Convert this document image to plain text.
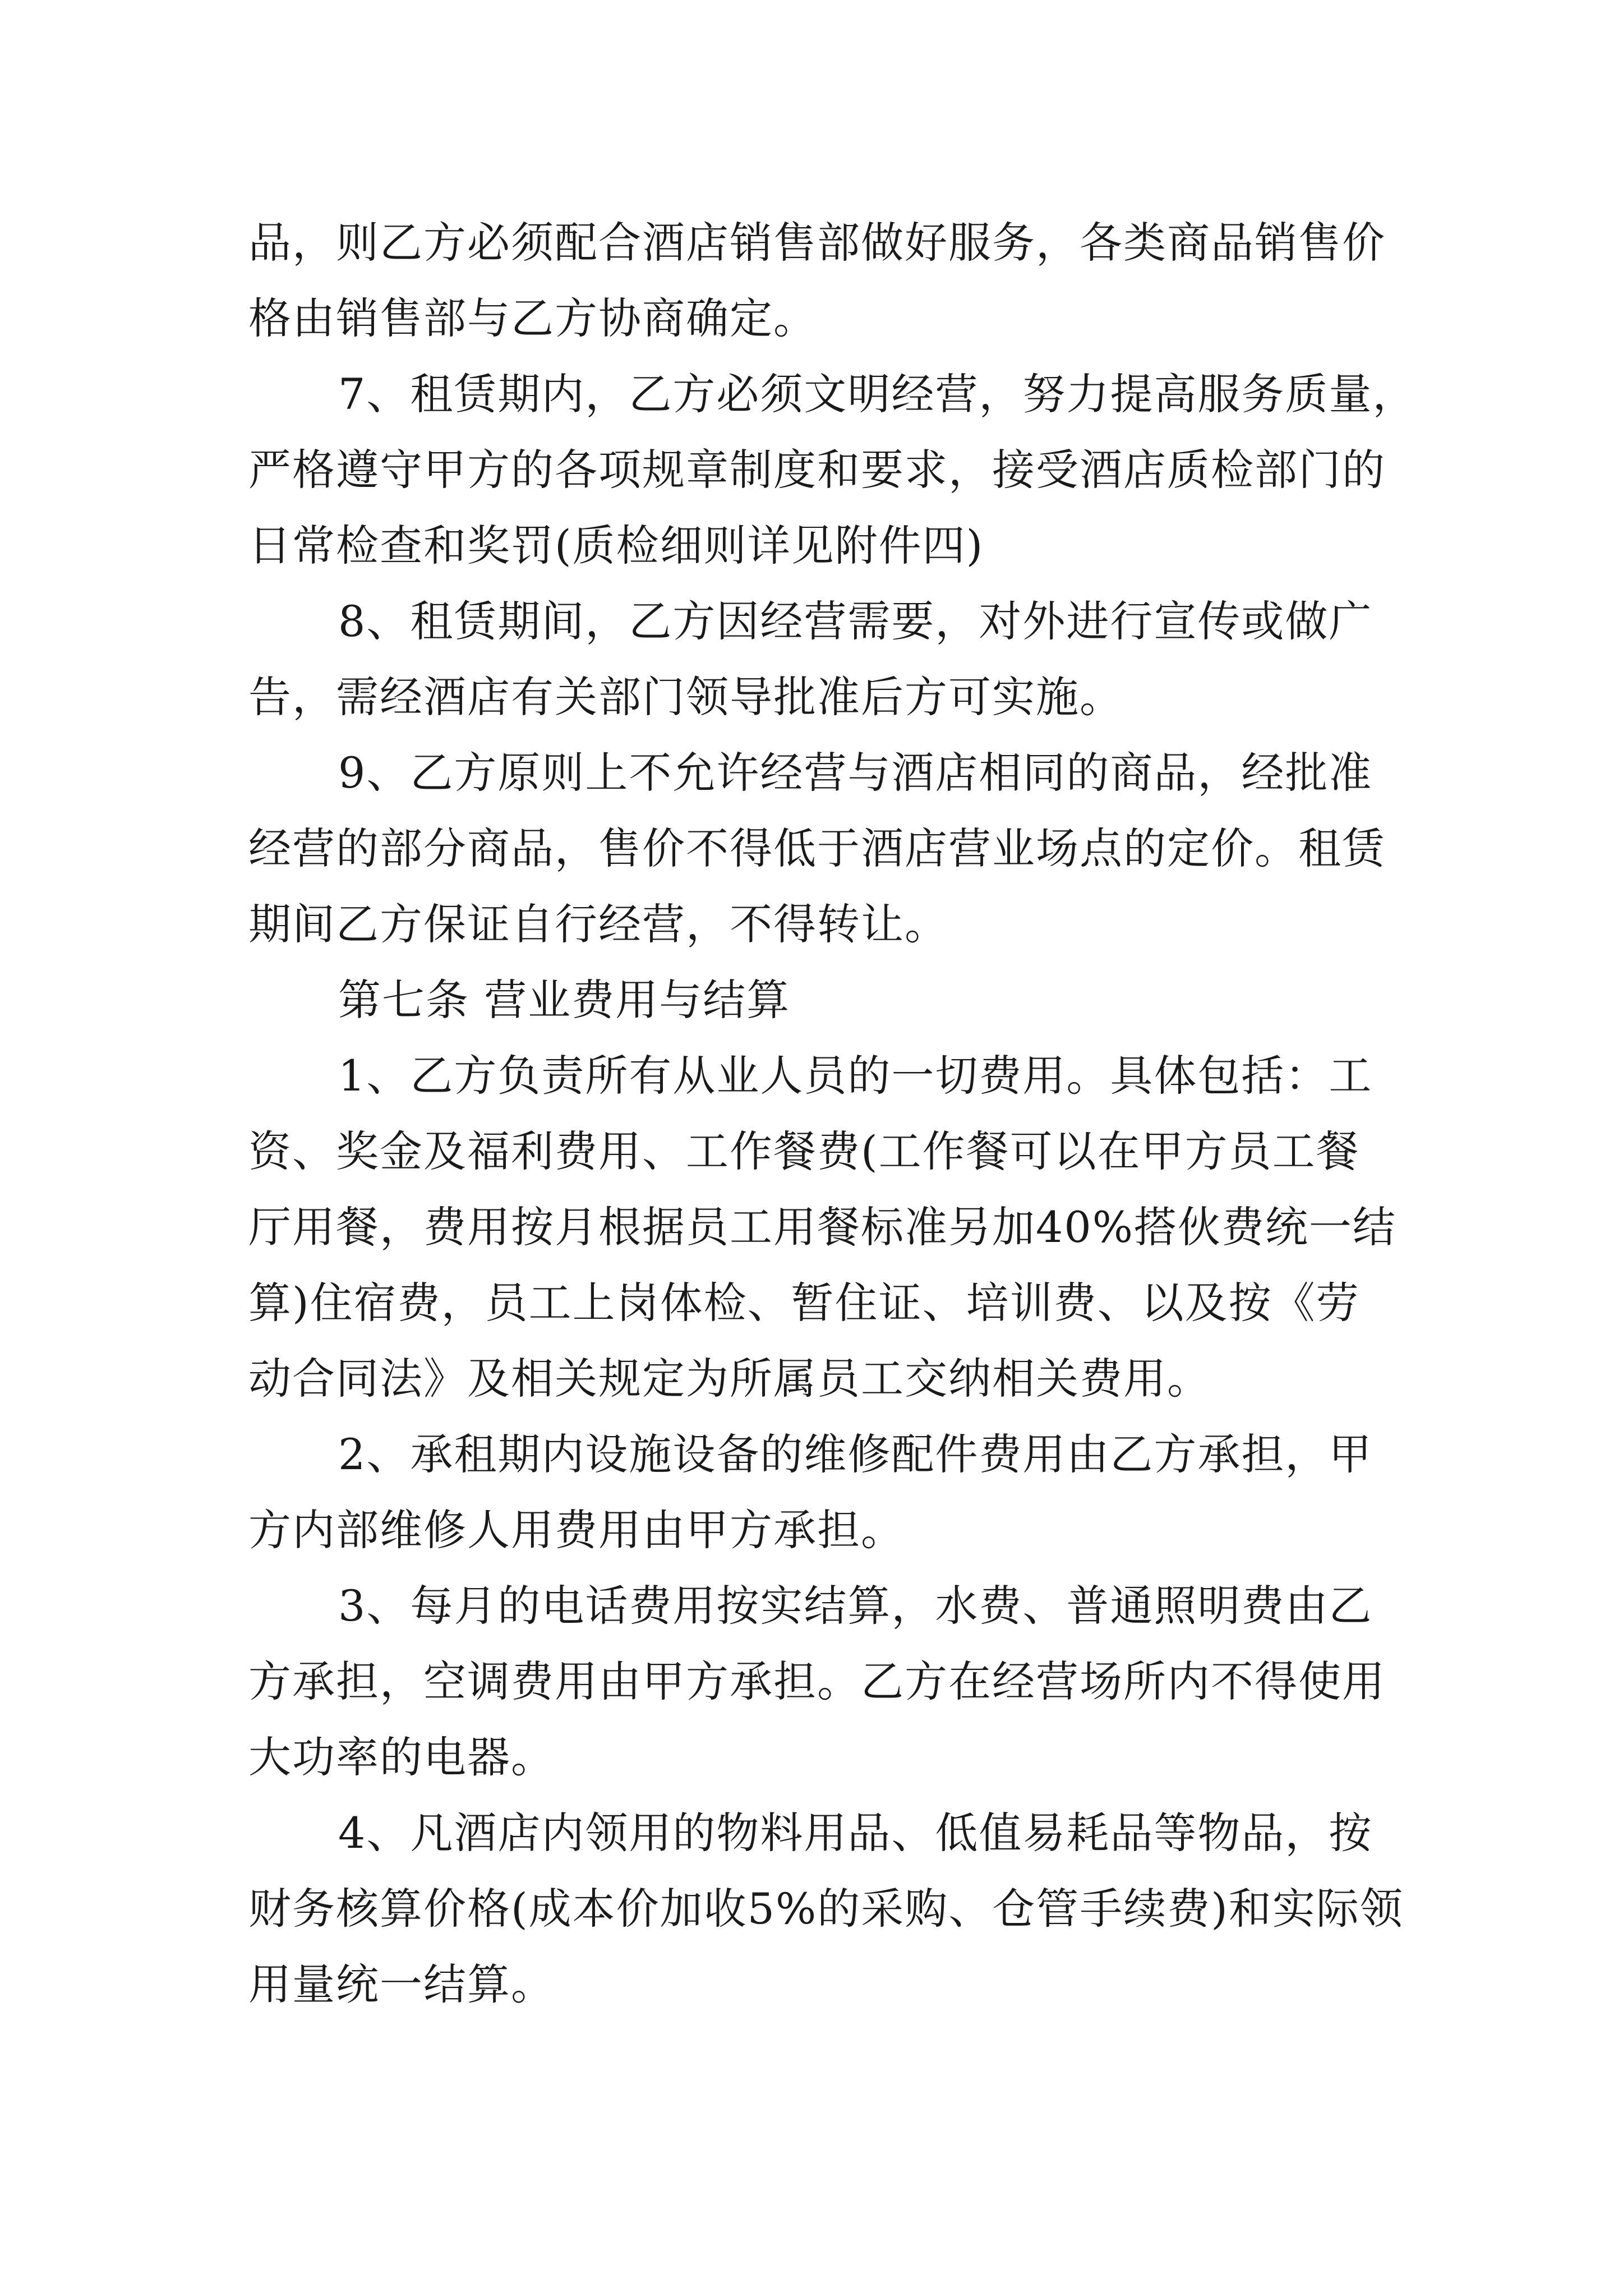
品，则乙方必须配合酒店销售部做好服务，各类商品销售价
格由销售部与乙方协商确定。
7、租赁期内，乙方必须文明经营，努力提高服务质量，
严格遵守甲方的各项规章制度和要求，接受酒店质检部门的
日常检查和奖罚(质检细则详见附件四)
8、租赁期间，乙方因经营需要，对外进行宣传或做广
告，需经酒店有关部门领导批准后方可实施。
9、乙方原则上不允许经营与酒店相同的商品，经批准
经营的部分商品，售价不得低于酒店营业场点的定价。租赁
期间乙方保证自行经营，不得转让。
第七条 营业费用与结算
1、乙方负责所有从业人员的一切费用。具体包括：工
资、奖金及福利费用、工作餐费(工作餐可以在甲方员工餐
厅用餐，费用按月根据员工用餐标准另加40%搭伙费统一结
算)住宿费，员工上岗体检、暂住证、培训费、以及按《劳
动合同法》及相关规定为所属员工交纳相关费用。
2、承租期内设施设备的维修配件费用由乙方承担，甲
方内部维修人用费用由甲方承担。
3、每月的电话费用按实结算，水费、普通照明费由乙
方承担，空调费用由甲方承担。乙方在经营场所内不得使用
大功率的电器。
4、凡酒店内领用的物料用品、低值易耗品等物品，按
财务核算价格(成本价加收5%的采购、仓管手续费)和实际领
用量统一结算。
